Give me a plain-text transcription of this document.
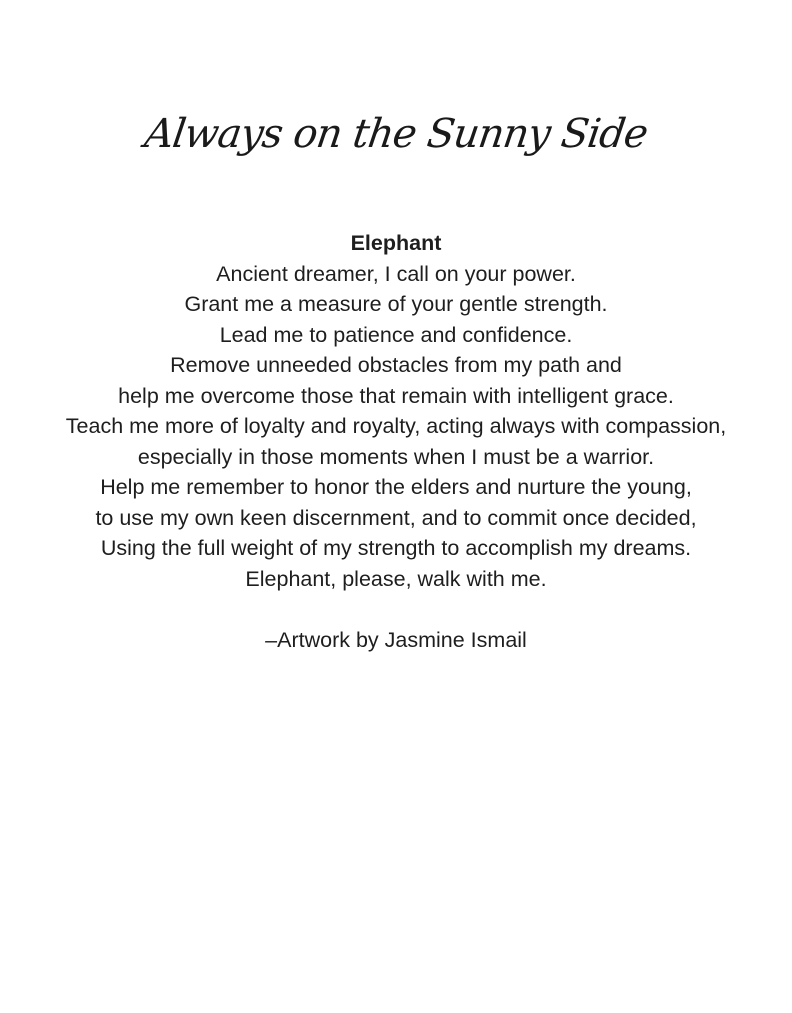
Always on the Sunny Side
Elephant
Ancient dreamer, I call on your power.
Grant me a measure of your gentle strength.
Lead me to patience and confidence.
Remove unneeded obstacles from my path and
help me overcome those that remain with intelligent grace.
Teach me more of loyalty and royalty, acting always with compassion,
especially in those moments when I must be a warrior.
Help me remember to honor the elders and nurture the young,
to use my own keen discernment, and to commit once decided,
Using the full weight of my strength to accomplish my dreams.
Elephant, please, walk with me.
–Artwork by Jasmine Ismail
